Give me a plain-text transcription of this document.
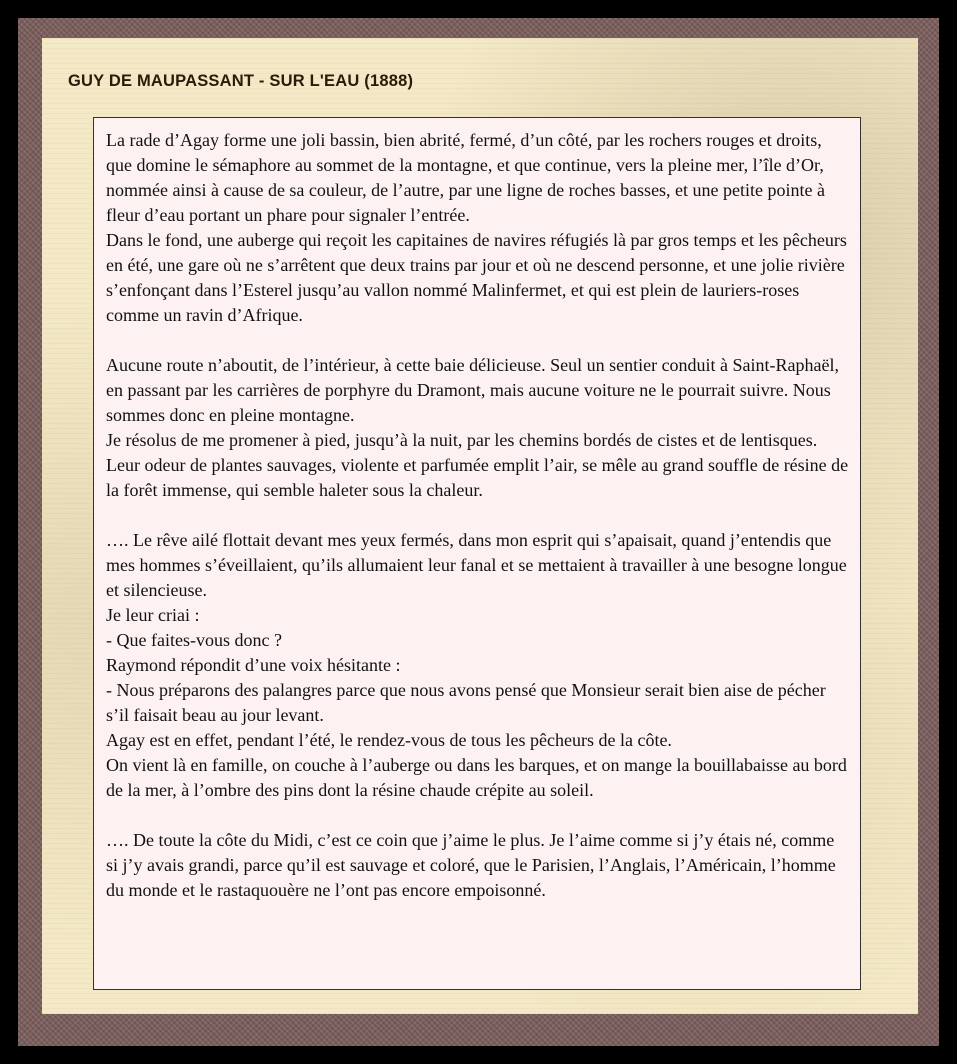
GUY DE MAUPASSANT - SUR L'EAU (1888)

La rade d’Agay forme une joli bassin, bien abrité, fermé, d’un côté, par les rochers rouges et droits, que domine le sémaphore au sommet de la montagne, et que continue, vers la pleine mer, l’île d’Or, nommée ainsi à cause de sa couleur, de l’autre, par une ligne de roches basses, et une petite pointe à fleur d’eau portant un phare pour signaler l’entrée.
Dans le fond, une auberge qui reçoit les capitaines de navires réfugiés là par gros temps et les pêcheurs en été, une gare où ne s’arrêtent que deux trains par jour et où ne descend personne, et une jolie rivière s’enfonçant dans l’Esterel jusqu’au vallon nommé Malinfermet, et qui est plein de lauriers-roses comme un ravin d’Afrique.

Aucune route n’aboutit, de l’intérieur, à cette baie délicieuse. Seul un sentier conduit à Saint-Raphaël, en passant par les carrières de porphyre du Dramont, mais aucune voiture ne le pourrait suivre. Nous sommes donc en pleine montagne.
Je résolus de me promener à pied, jusqu’à la nuit, par les chemins bordés de cistes et de lentisques. Leur odeur de plantes sauvages, violente et parfumée emplit l’air, se mêle au grand souffle de résine de la forêt immense, qui semble haleter sous la chaleur.

…. Le rêve ailé flottait devant mes yeux fermés, dans mon esprit qui s’apaisait, quand j’entendis que mes hommes s’éveillaient, qu’ils allumaient leur fanal et se mettaient à travailler à une besogne longue et silencieuse.
Je leur criai :
- Que faites-vous donc ?
Raymond répondit d’une voix hésitante :
- Nous préparons des palangres parce que nous avons pensé que Monsieur serait bien aise de pécher s’il faisait beau au jour levant.
Agay est en effet, pendant l’été, le rendez-vous de tous les pêcheurs de la côte.
On vient là en famille, on couche à l’auberge ou dans les barques, et on mange la bouillabaisse au bord de la mer, à l’ombre des pins dont la résine chaude crépite au soleil.

…. De toute la côte du Midi, c’est ce coin que j’aime le plus. Je l’aime comme si j’y étais né, comme si j’y avais grandi, parce qu’il est sauvage et coloré, que le Parisien, l’Anglais, l’Américain, l’homme du monde et le rastaquouère ne l’ont pas encore empoisonné.
